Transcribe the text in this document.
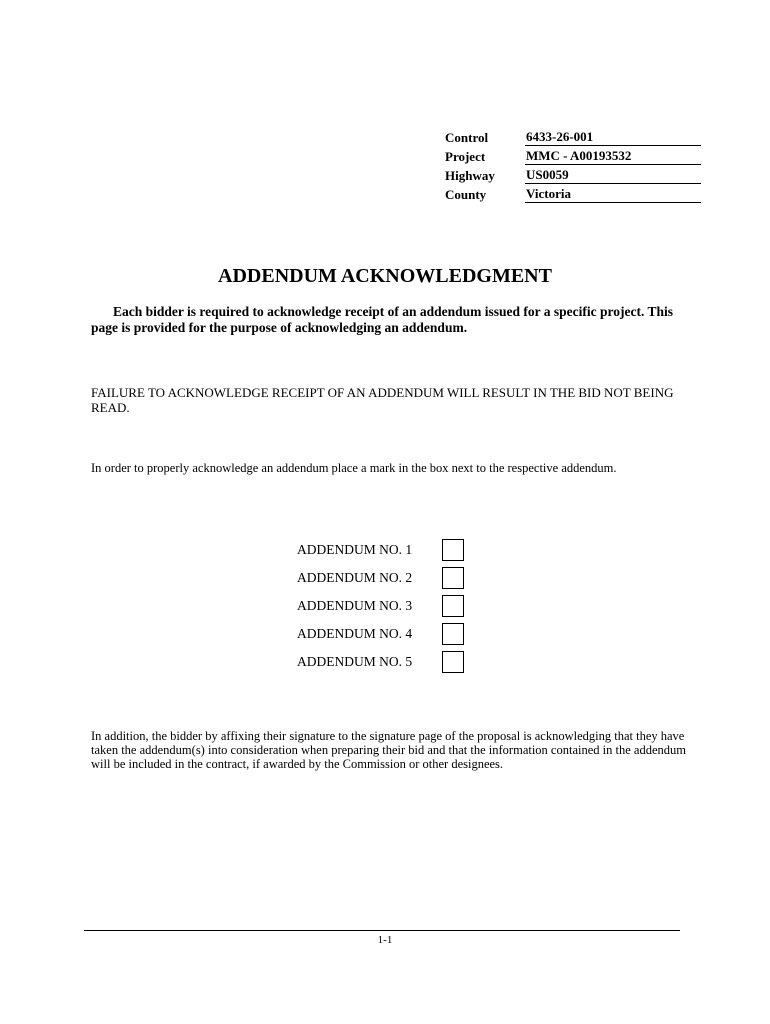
Control	6433-26-001
Project	MMC - A00193532
Highway	US0059
County	Victoria
ADDENDUM ACKNOWLEDGMENT
Each bidder is required to acknowledge receipt of an addendum issued for a specific project. This page is provided for the purpose of acknowledging an addendum.
FAILURE TO ACKNOWLEDGE RECEIPT OF AN ADDENDUM WILL RESULT IN THE BID NOT BEING READ.
In order to properly acknowledge an addendum place a mark in the box next to the respective addendum.
ADDENDUM NO. 1
ADDENDUM NO. 2
ADDENDUM NO. 3
ADDENDUM NO. 4
ADDENDUM NO. 5
In addition, the bidder by affixing their signature to the signature page of the proposal is acknowledging that they have taken the addendum(s) into consideration when preparing their bid and that the information contained in the addendum will be included in the contract, if awarded by the Commission or other designees.
1-1
